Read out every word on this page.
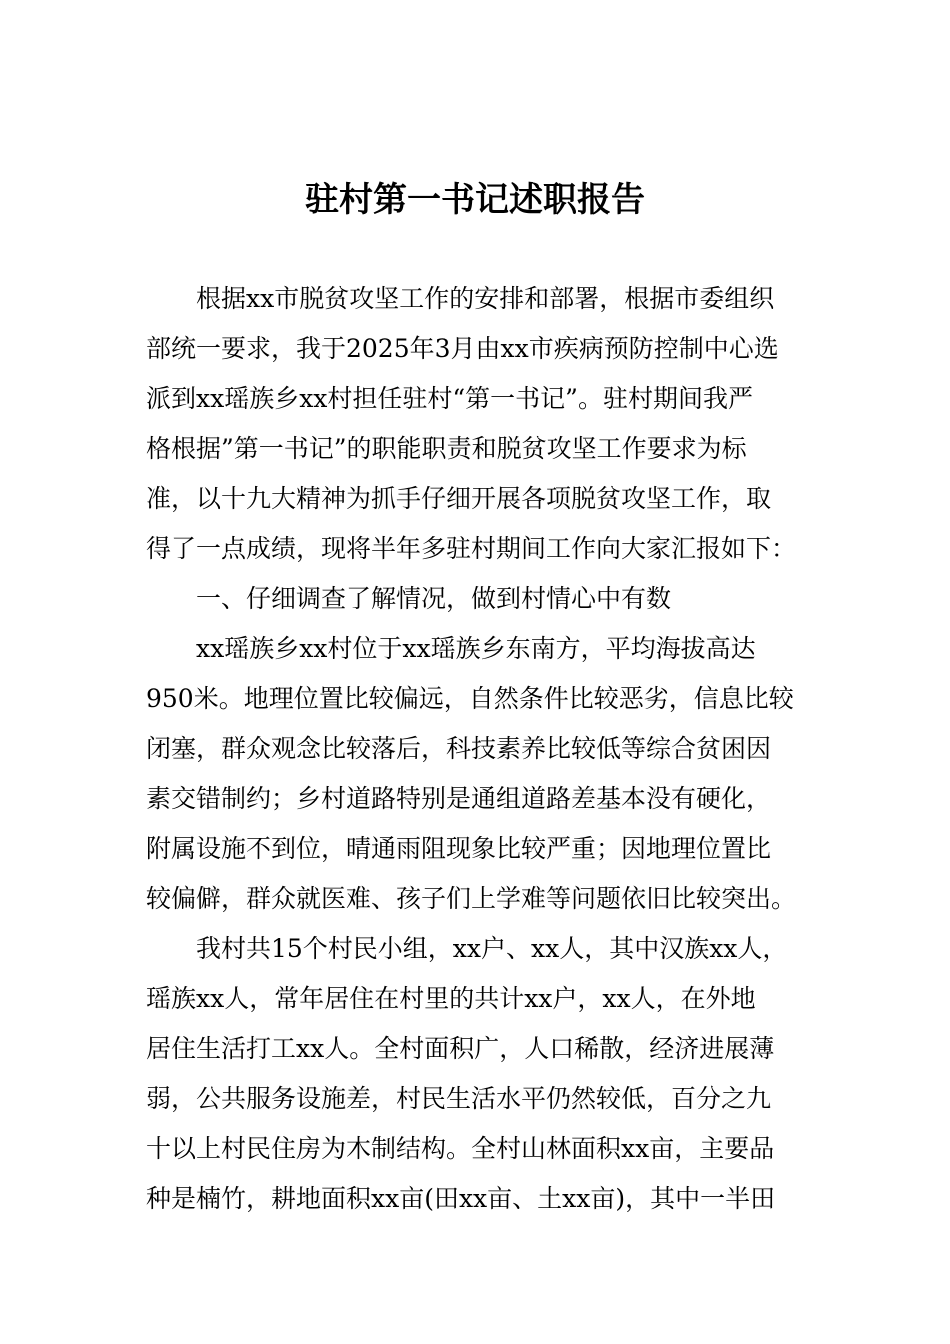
驻村第一书记述职报告
根据xx市脱贫攻坚工作的安排和部署，根据市委组织
部统一要求，我于2025年3月由xx市疾病预防控制中心选
派到xx瑶族乡xx村担任驻村“第一书记”。驻村期间我严
格根据”第一书记”的职能职责和脱贫攻坚工作要求为标
准，以十九大精神为抓手仔细开展各项脱贫攻坚工作，取
得了一点成绩，现将半年多驻村期间工作向大家汇报如下：
一、仔细调查了解情况，做到村情心中有数
xx瑶族乡xx村位于xx瑶族乡东南方，平均海拔高达
950米。地理位置比较偏远，自然条件比较恶劣，信息比较
闭塞，群众观念比较落后，科技素养比较低等综合贫困因
素交错制约；乡村道路特别是通组道路差基本没有硬化，
附属设施不到位，晴通雨阻现象比较严重；因地理位置比
较偏僻，群众就医难、孩子们上学难等问题依旧比较突出。
我村共15个村民小组，xx户、xx人，其中汉族xx人，
瑶族xx人，常年居住在村里的共计xx户，xx人，在外地
居住生活打工xx人。全村面积广，人口稀散，经济进展薄
弱，公共服务设施差，村民生活水平仍然较低，百分之九
十以上村民住房为木制结构。全村山林面积xx亩，主要品
种是楠竹，耕地面积xx亩(田xx亩、土xx亩)，其中一半田
